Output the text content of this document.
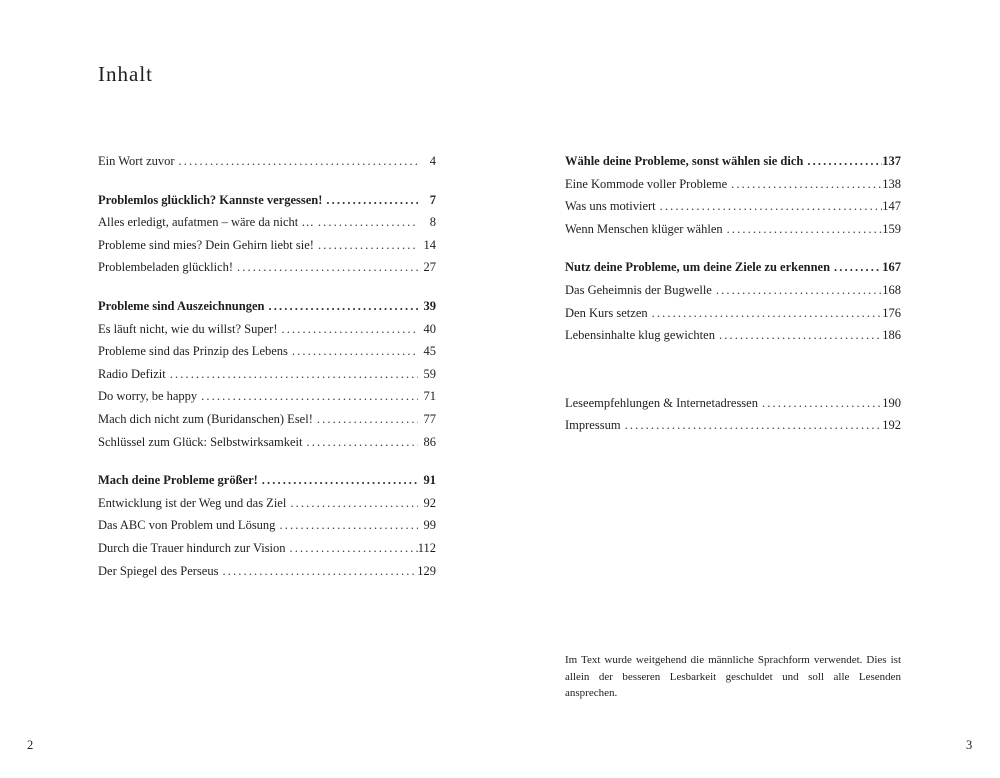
Inhalt
Ein Wort zuvor . . .	4
Problemlos glücklich? Kannste vergessen! . . .	7
Alles erledigt, aufatmen – wäre da nicht … . . .	8
Probleme sind mies? Dein Gehirn liebt sie! . . .	14
Problembeladen glücklich! . . .	27
Probleme sind Auszeichnungen . . .	39
Es läuft nicht, wie du willst? Super! . . .	40
Probleme sind das Prinzip des Lebens . . .	45
Radio Defizit . . .	59
Do worry, be happy . . .	71
Mach dich nicht zum (Buridanschen) Esel! . . .	77
Schlüssel zum Glück: Selbstwirksamkeit . . .	86
Mach deine Probleme größer! . . .	91
Entwicklung ist der Weg und das Ziel . . .	92
Das ABC von Problem und Lösung . . .	99
Durch die Trauer hindurch zur Vision . . .	112
Der Spiegel des Perseus . . .	129
Wähle deine Probleme, sonst wählen sie dich . . .	137
Eine Kommode voller Probleme . . .	138
Was uns motiviert . . .	147
Wenn Menschen klüger wählen . . .	159
Nutz deine Probleme, um deine Ziele zu erkennen . . .	167
Das Geheimnis der Bugwelle . . .	168
Den Kurs setzen . . .	176
Lebensinhalte klug gewichten . . .	186
Leseempfehlungen & Internetadressen . . .	190
Impressum . . .	192

Im Text wurde weitgehend die männliche Sprachform verwendet. Dies ist allein der besseren Lesbarkeit geschuldet und soll alle Lesenden ansprechen.

2	3
